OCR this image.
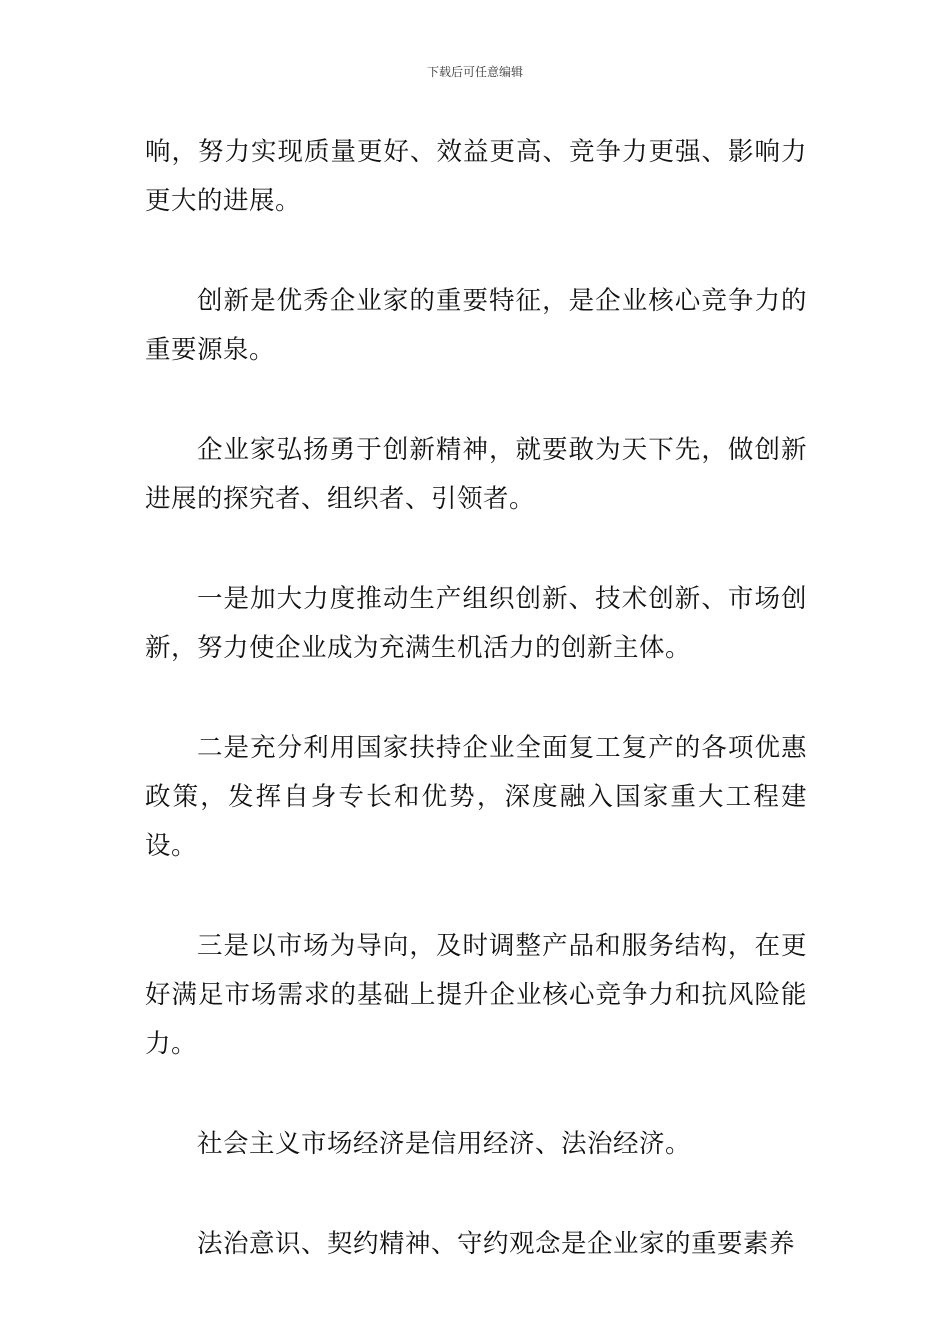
下载后可任意编辑

响，努力实现质量更好、效益更高、竞争力更强、影响力更大的进展。

创新是优秀企业家的重要特征，是企业核心竞争力的重要源泉。

企业家弘扬勇于创新精神，就要敢为天下先，做创新进展的探究者、组织者、引领者。

一是加大力度推动生产组织创新、技术创新、市场创新，努力使企业成为充满生机活力的创新主体。

二是充分利用国家扶持企业全面复工复产的各项优惠政策，发挥自身专长和优势，深度融入国家重大工程建设。

三是以市场为导向，及时调整产品和服务结构，在更好满足市场需求的基础上提升企业核心竞争力和抗风险能力。

社会主义市场经济是信用经济、法治经济。

法治意识、契约精神、守约观念是企业家的重要素养
